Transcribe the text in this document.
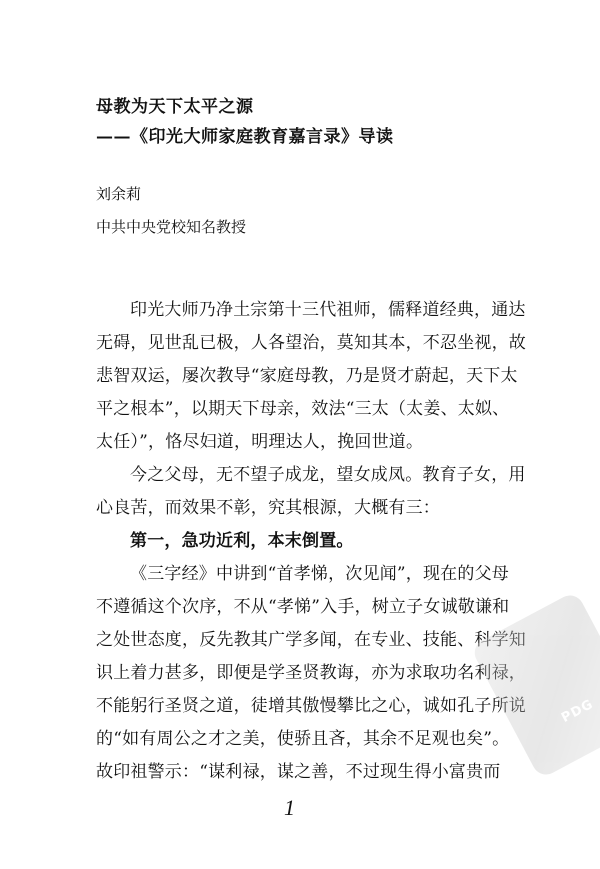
母教为天下太平之源
——《印光大师家庭教育嘉言录》导读
刘余莉
中共中央党校知名教授
印光大师乃净土宗第十三代祖师，儒释道经典，通达
无碍，见世乱已极，人各望治，莫知其本，不忍坐视，故
悲智双运，屡次教导“家庭母教，乃是贤才蔚起，天下太
平之根本”，以期天下母亲，效法“三太（太姜、太姒、
太任）”，恪尽妇道，明理达人，挽回世道。
今之父母，无不望子成龙，望女成凤。教育子女，用
心良苦，而效果不彰，究其根源，大概有三：
第一，急功近利，本末倒置。
《三字经》中讲到“首孝悌，次见闻”，现在的父母
不遵循这个次序，不从“孝悌”入手，树立子女诚敬谦和
之处世态度，反先教其广学多闻，在专业、技能、科学知
识上着力甚多，即便是学圣贤教诲，亦为求取功名利禄，
不能躬行圣贤之道，徒增其傲慢攀比之心，诚如孔子所说
的“如有周公之才之美，使骄且吝，其余不足观也矣”。
1
PDG
故印祖警示：“谋利禄，谋之善，不过现生得小富贵而
